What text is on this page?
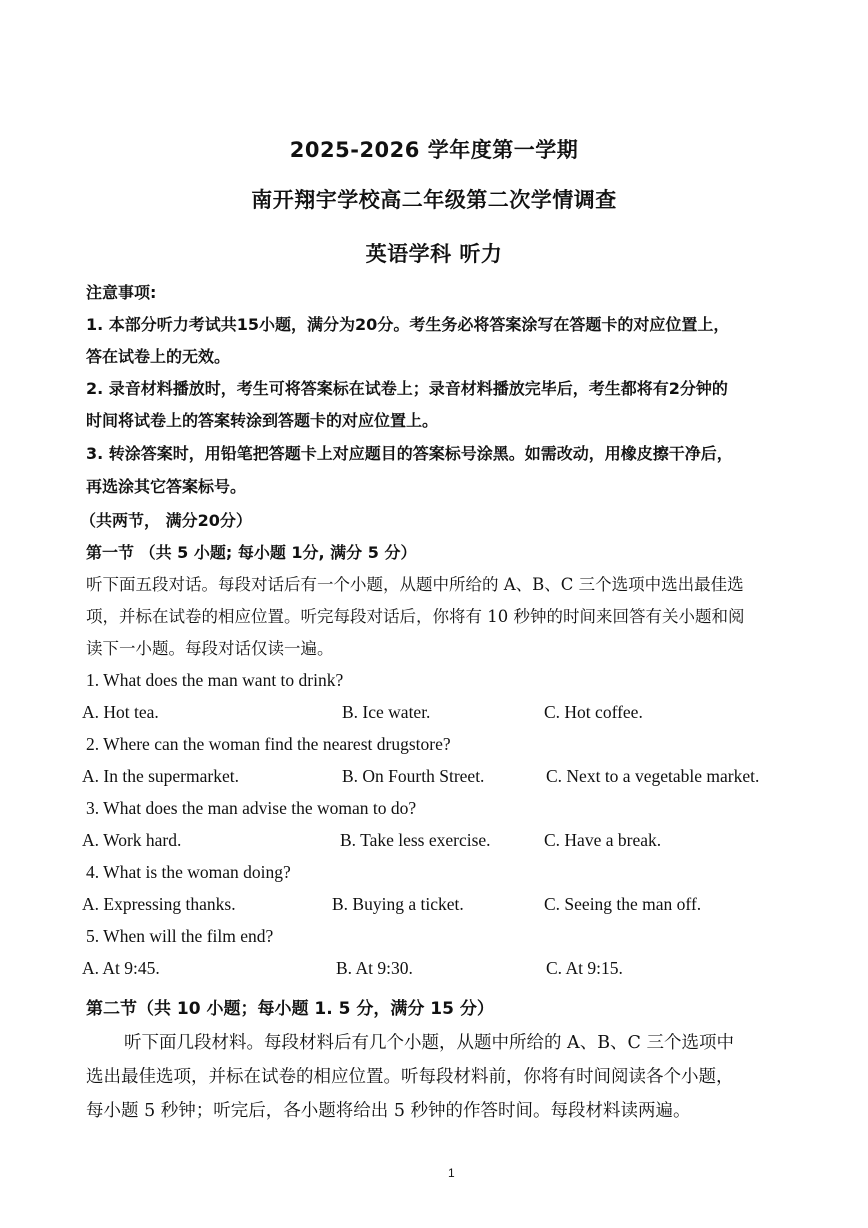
2025-2026 学年度第一学期
南开翔宇学校高二年级第二次学情调查
英语学科 听力
注意事项:
1. 本部分听力考试共15小题，满分为20分。考生务必将答案涂写在答题卡的对应位置上，
答在试卷上的无效。
2. 录音材料播放时，考生可将答案标在试卷上；录音材料播放完毕后，考生都将有2分钟的
时间将试卷上的答案转涂到答题卡的对应位置上。
3. 转涂答案时，用铅笔把答题卡上对应题目的答案标号涂黑。如需改动，用橡皮擦干净后，
再选涂其它答案标号。
（共两节， 满分20分）
第一节 （共 5 小题; 每小题 1分, 满分 5 分）
听下面五段对话。每段对话后有一个小题，从题中所给的 A、B、C 三个选项中选出最佳选
项，并标在试卷的相应位置。听完每段对话后，你将有 10 秒钟的时间来回答有关小题和阅
读下一小题。每段对话仅读一遍。
1. What does the man want to drink?
A. Hot tea.	B. Ice water.	C. Hot coffee.
2. Where can the woman find the nearest drugstore?
A. In the supermarket.	B. On Fourth Street.	C. Next to a vegetable market.
3. What does the man advise the woman to do?
A. Work hard.	B. Take less exercise.	C. Have a break.
4. What is the woman doing?
A. Expressing thanks.	B. Buying a ticket.	C. Seeing the man off.
5. When will the film end?
A. At 9:45.	B. At 9:30.	C. At 9:15.
第二节（共 10 小题；每小题 1. 5 分，满分 15 分）
听下面几段材料。每段材料后有几个小题，从题中所给的 A、B、C 三个选项中
选出最佳选项，并标在试卷的相应位置。听每段材料前，你将有时间阅读各个小题，
每小题 5 秒钟；听完后，各小题将给出 5 秒钟的作答时间。每段材料读两遍。
1
